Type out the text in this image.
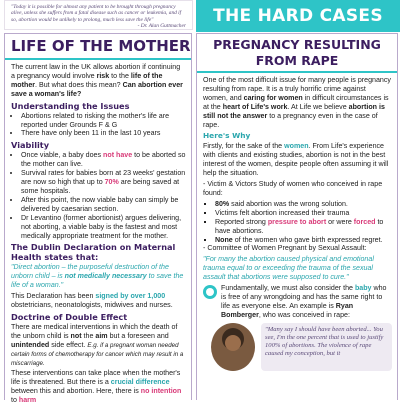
"Today it is possible for almost any patient to be brought through pregnancy alive, unless she suffers from a fatal disease such as cancer or leukemia, and if so, abortion would be unlikely to prolong, much less save the life"
- Dr. Alan Guttmacher	THE HARD CASES
LIFE OF THE MOTHER

The current law in the UK allows abortion if continuing a pregnancy would involve risk to the life of the mother. But what does this mean? Can abortion ever save a woman's life?

Understanding the Issues
• Abortions related to risking the mother's life are reported under Grounds F & G
• There have only been 11 in the last 10 years
Viability
• Once viable, a baby does not have to be aborted so the mother can live.
• Survival rates for babies born at 23 weeks' gestation are now so high that up to 70% are being saved at some hospitals.
• After this point, the now viable baby can simply be delivered by caesarian section.
• Dr Levantino (former abortionist) argues delivering, not aborting, a viable baby is the fastest and most medically appropriate treatment for the mother.
The Dublin Declaration on Maternal Health states that:

"Direct abortion – the purposeful destruction of the unborn child – is not medically necessary to save the life of a woman."

This Declaration has been signed by over 1,000 obstetricians, neonatologists, midwives and nurses.

Doctrine of Double Effect

There are medical interventions in which the death of the unborn child is not the aim but a foreseen and unintended side effect. E.g. if a pregnant woman needed certain forms of chemotherapy for cancer which may result in a miscarriage.

These interventions can take place when the mother's life is threatened. But there is a crucial difference between this and abortion. Here, there is no intention to harm

PREGNANCY RESULTING FROM RAPE

One of the most difficult issue for many people is pregnancy resulting from rape. It is a truly horrific crime against women, and caring for women in difficult circumstances is at the heart of Life's work. At Life we believe abortion is still not the answer to a pregnancy even in the case of rape.

Here's Why

Firstly, for the sake of the women. From Life's experience with clients and existing studies, abortion is not in the best interest of the women, despite people often assuming it will help the situation.

- Victim & Victors Study of women who conceived in rape found:

▪ 80% said abortion was the wrong solution.
▪ Victims felt abortion increased their trauma
▪ Reported strong pressure to abort or were forced to have abortions.
▪ None of the women who gave birth expressed regret.

- Committee of Women Pregnant by Sexual Assault:

"For many the abortion caused physical and emotional trauma equal to or exceeding the trauma of the sexual assault that abortions were supposed to cure."

Fundamentally, we must also consider the baby who is free of any wrongdoing and has the same right to life as everyone else. An example is Ryan Bomberger, who was conceived in rape:

"Many say I should have been aborted... You see, I'm the one percent that is used to justify 100% of abortions. The violence of rape caused my conception, but it
